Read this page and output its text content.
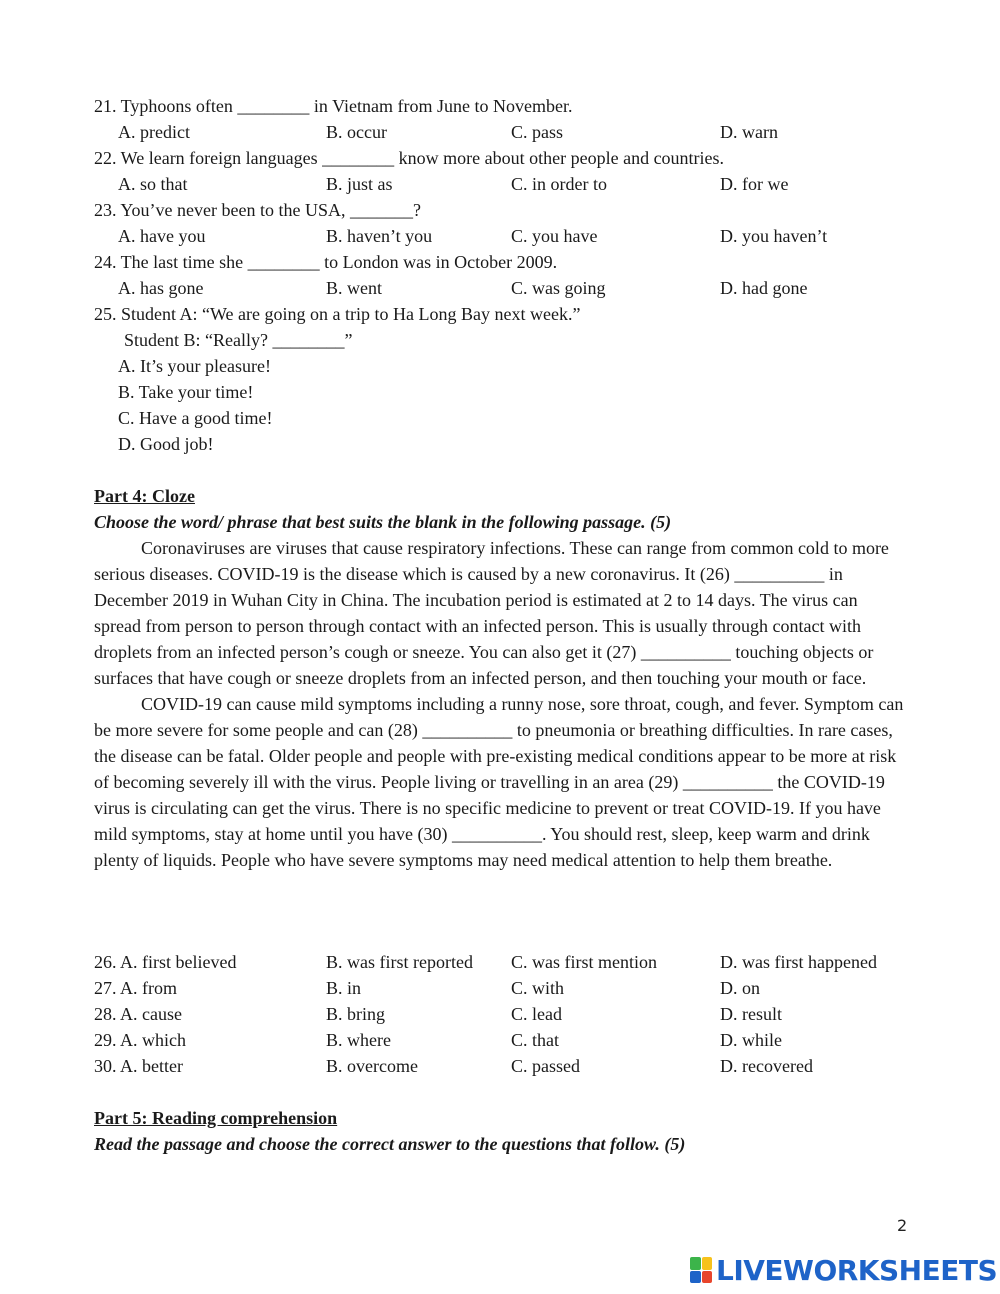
21. Typhoons often ________ in Vietnam from June to November.
A. predict	B. occur	C. pass	D. warn
22. We learn foreign languages ________ know more about other people and countries.
A. so that	B. just as	C. in order to	D. for we
23. You’ve never been to the USA, _______?
A. have you	B. haven’t you	C. you have	D. you haven’t
24. The last time she ________ to London was in October 2009.
A. has gone	B. went	C. was going	D. had gone
25. Student A: “We are going on a trip to Ha Long Bay next week.”
Student B: “Really? ________”
A. It’s your pleasure!
B. Take your time!
C. Have a good time!
D. Good job!
Part 4: Cloze
Choose the word/ phrase that best suits the blank in the following passage. (5)

Coronaviruses are viruses that cause respiratory infections. These can range from common cold to more serious diseases. COVID-19 is the disease which is caused by a new coronavirus. It (26) __________ in December 2019 in Wuhan City in China. The incubation period is estimated at 2 to 14 days. The virus can spread from person to person through contact with an infected person. This is usually through contact with droplets from an infected person’s cough or sneeze. You can also get it (27) __________ touching objects or surfaces that have cough or sneeze droplets from an infected person, and then touching your mouth or face.

COVID-19 can cause mild symptoms including a runny nose, sore throat, cough, and fever. Symptom can be more severe for some people and can (28) __________ to pneumonia or breathing difficulties. In rare cases, the disease can be fatal. Older people and people with pre-existing medical conditions appear to be more at risk of becoming severely ill with the virus. People living or travelling in an area (29) __________ the COVID-19 virus is circulating can get the virus. There is no specific medicine to prevent or treat COVID-19. If you have mild symptoms, stay at home until you have (30) __________. You should rest, sleep, keep warm and drink plenty of liquids. People who have severe symptoms may need medical attention to help them breathe.

26. A. first believed	B. was first reported C. was first mention	D. was first happened
27. A. from	B. in	C. with	D. on
28. A. cause	B. bring	C. lead	D. result
29. A. which	B. where	C. that	D. while
30. A. better	B. overcome	C. passed	D. recovered
Part 5: Reading comprehension
Read the passage and choose the correct answer to the questions that follow. (5)
2
LIVEWORKSHEETS
